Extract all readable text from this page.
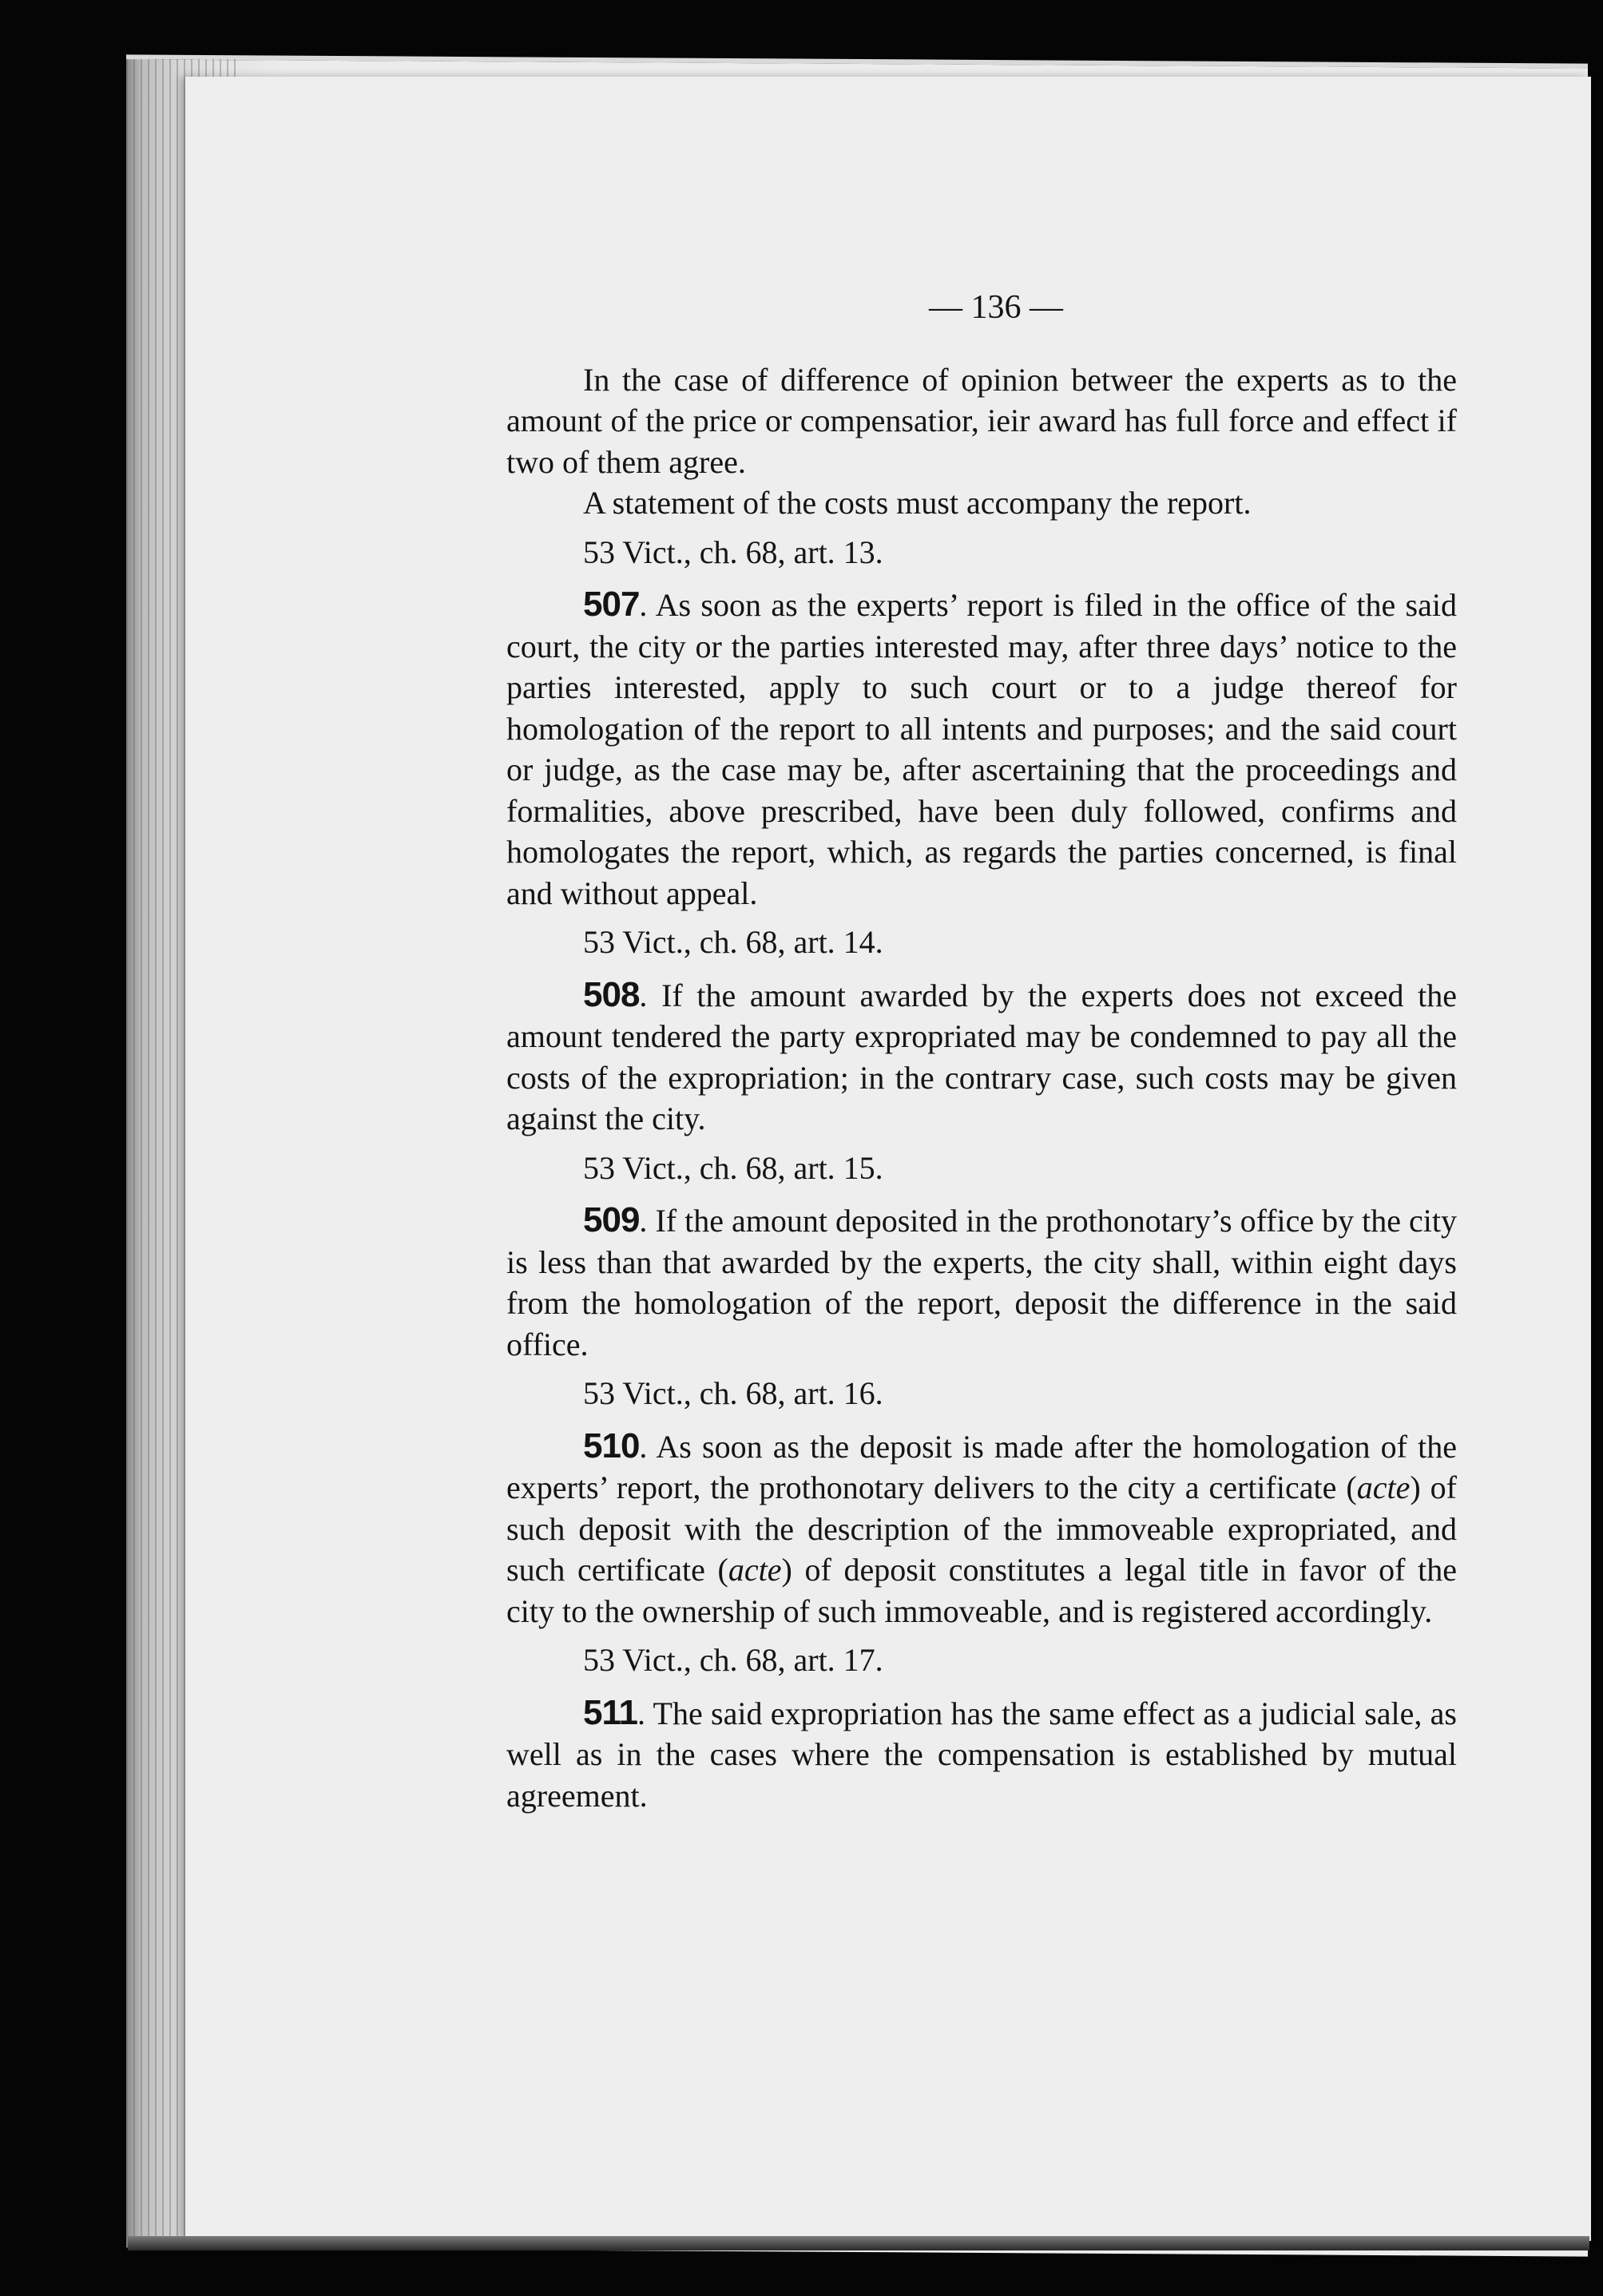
— 136 —

In the case of difference of opinion betweer the experts as to the amount of the price or compensatior, ieir award has full force and effect if two of them agree.

A statement of the costs must accompany the report.

53 Vict., ch. 68, art. 13.

507. As soon as the experts’ report is filed in the office of the said court, the city or the parties interested may, after three days’ notice to the parties interested, apply to such court or to a judge thereof for homologation of the report to all intents and purposes; and the said court or judge, as the case may be, after ascertaining that the proceedings and formalities, above prescribed, have been duly followed, confirms and homologates the report, which, as regards the parties concerned, is final and without appeal.

53 Vict., ch. 68, art. 14.

508. If the amount awarded by the experts does not exceed the amount tendered the party expropriated may be condemned to pay all the costs of the expropriation; in the contrary case, such costs may be given against the city.

53 Vict., ch. 68, art. 15.

509. If the amount deposited in the prothonotary’s office by the city is less than that awarded by the experts, the city shall, within eight days from the homologation of the report, deposit the difference in the said office.

53 Vict., ch. 68, art. 16.

510. As soon as the deposit is made after the homologation of the experts’ report, the prothonotary delivers to the city a certificate (acte) of such deposit with the description of the immoveable expropriated, and such certificate (acte) of deposit constitutes a legal title in favor of the city to the ownership of such immoveable, and is registered accordingly.

53 Vict., ch. 68, art. 17.

511. The said expropriation has the same effect as a judicial sale, as well as in the cases where the compensation is established by mutual agreement.
